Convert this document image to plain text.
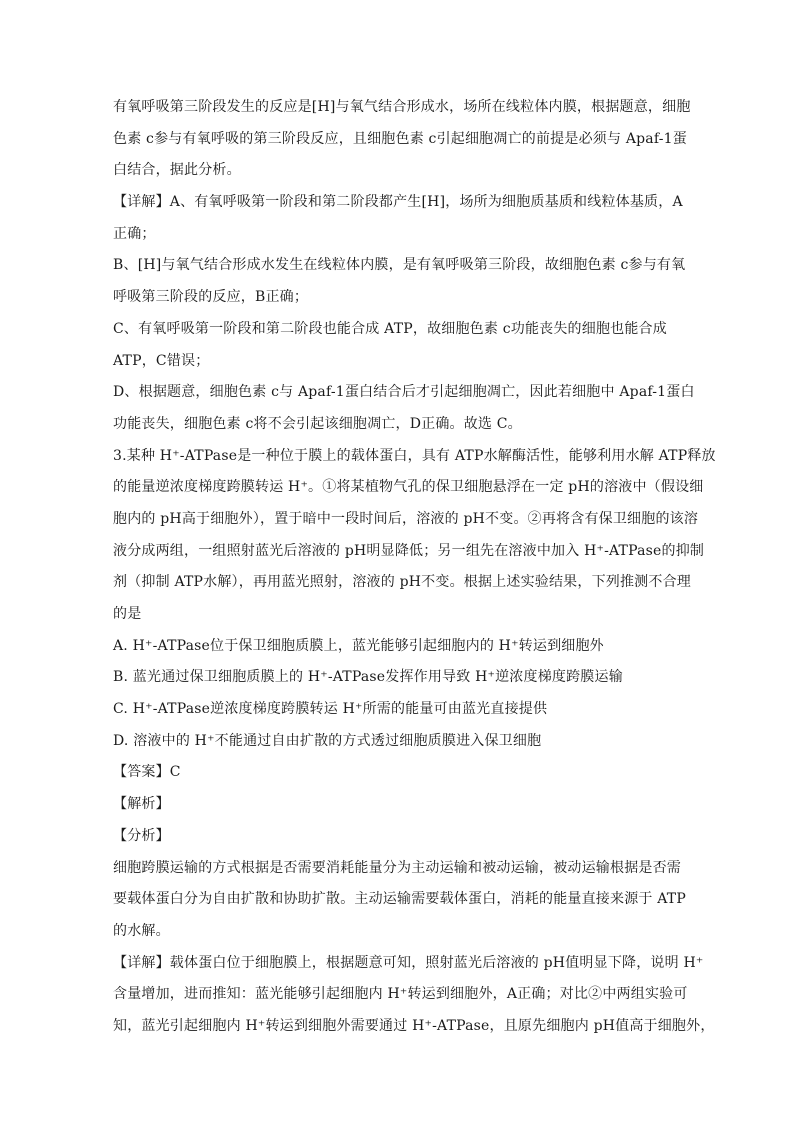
有氧呼吸第三阶段发生的反应是[H]与氧气结合形成水，场所在线粒体内膜，根据题意，细胞
色素 c参与有氧呼吸的第三阶段反应，且细胞色素 c引起细胞凋亡的前提是必须与 Apaf-1蛋
白结合，据此分析。
【详解】A、有氧呼吸第一阶段和第二阶段都产生[H]，场所为细胞质基质和线粒体基质，A
正确；
B、[H]与氧气结合形成水发生在线粒体内膜，是有氧呼吸第三阶段，故细胞色素 c参与有氧
呼吸第三阶段的反应，B正确；
C、有氧呼吸第一阶段和第二阶段也能合成 ATP，故细胞色素 c功能丧失的细胞也能合成
ATP，C错误；
D、根据题意，细胞色素 c与 Apaf-1蛋白结合后才引起细胞凋亡，因此若细胞中 Apaf-1蛋白
功能丧失，细胞色素 c将不会引起该细胞凋亡，D正确。故选 C。
3.某种 H⁺-ATPase是一种位于膜上的载体蛋白，具有 ATP水解酶活性，能够利用水解 ATP释放
的能量逆浓度梯度跨膜转运 H⁺。①将某植物气孔的保卫细胞悬浮在一定 pH的溶液中（假设细
胞内的 pH高于细胞外），置于暗中一段时间后，溶液的 pH不变。②再将含有保卫细胞的该溶
液分成两组，一组照射蓝光后溶液的 pH明显降低；另一组先在溶液中加入 H⁺-ATPase的抑制
剂（抑制 ATP水解），再用蓝光照射，溶液的 pH不变。根据上述实验结果，下列推测不合理
的是
A. H⁺-ATPase位于保卫细胞质膜上，蓝光能够引起细胞内的 H⁺转运到细胞外
B. 蓝光通过保卫细胞质膜上的 H⁺-ATPase发挥作用导致 H⁺逆浓度梯度跨膜运输
C. H⁺-ATPase逆浓度梯度跨膜转运 H⁺所需的能量可由蓝光直接提供
D. 溶液中的 H⁺不能通过自由扩散的方式透过细胞质膜进入保卫细胞
【答案】C
【解析】
【分析】
细胞跨膜运输的方式根据是否需要消耗能量分为主动运输和被动运输，被动运输根据是否需
要载体蛋白分为自由扩散和协助扩散。主动运输需要载体蛋白，消耗的能量直接来源于 ATP
的水解。
【详解】载体蛋白位于细胞膜上，根据题意可知，照射蓝光后溶液的 pH值明显下降，说明 H⁺
含量增加，进而推知：蓝光能够引起细胞内 H⁺转运到细胞外，A正确；对比②中两组实验可
知，蓝光引起细胞内 H⁺转运到细胞外需要通过 H⁺-ATPase，且原先细胞内 pH值高于细胞外，
